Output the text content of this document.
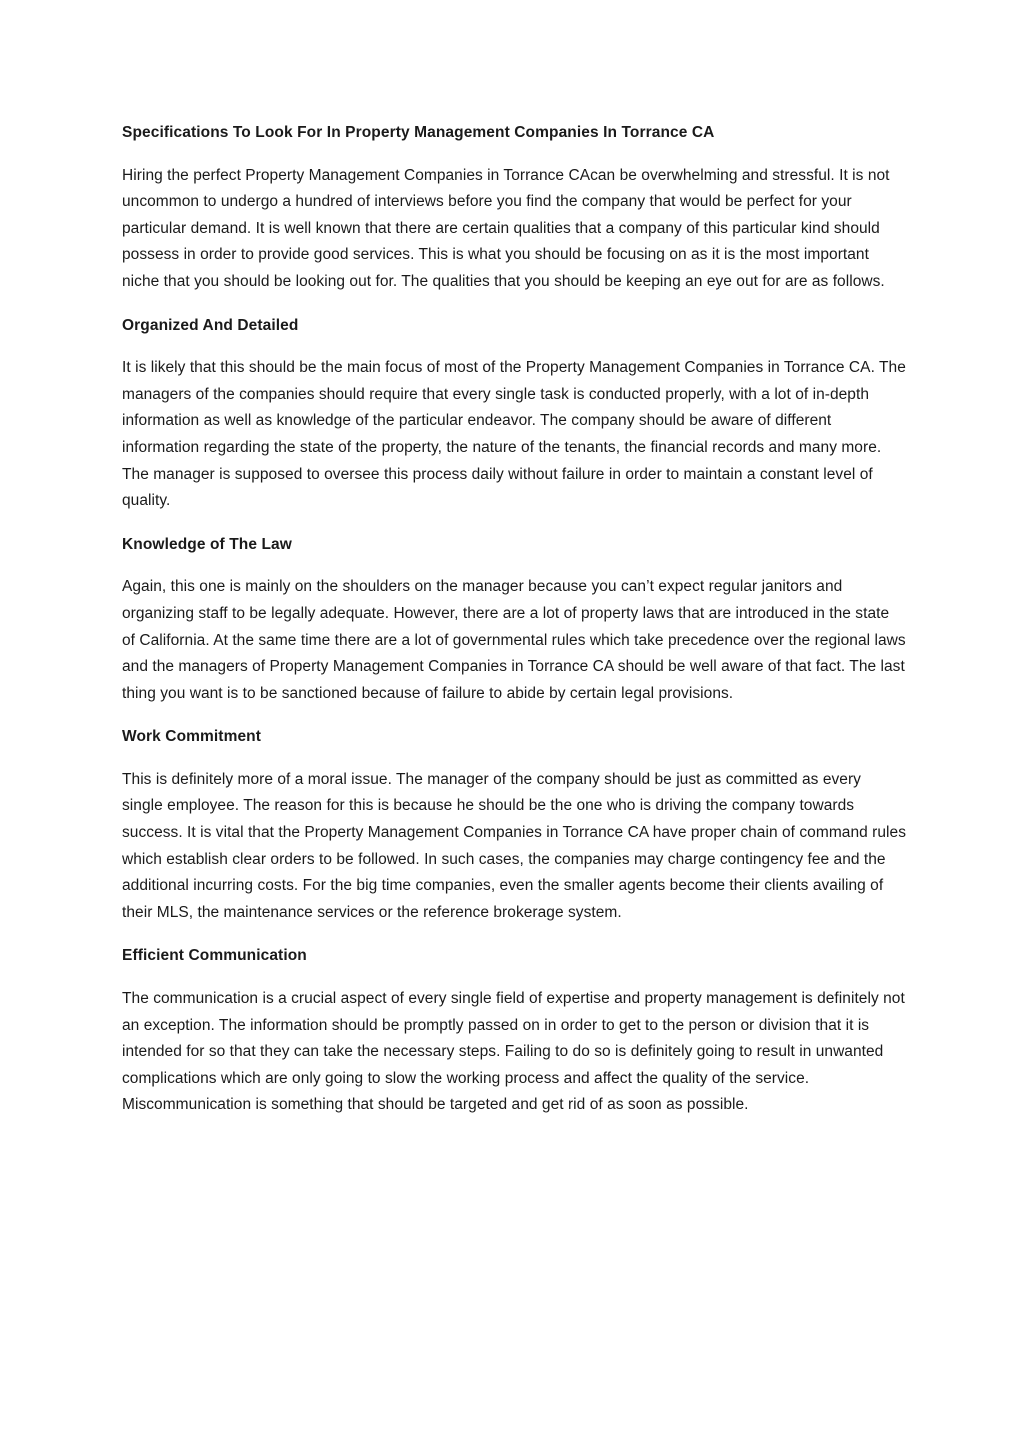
Specifications To Look For In Property Management Companies In Torrance CA

Hiring the perfect Property Management Companies in Torrance CAcan be overwhelming and stressful. It is not uncommon to undergo a hundred of interviews before you find the company that would be perfect for your particular demand. It is well known that there are certain qualities that a company of this particular kind should possess in order to provide good services. This is what you should be focusing on as it is the most important niche that you should be looking out for. The qualities that you should be keeping an eye out for are as follows.

Organized And Detailed

It is likely that this should be the main focus of most of the Property Management Companies in Torrance CA. The managers of the companies should require that every single task is conducted properly, with a lot of in-depth information as well as knowledge of the particular endeavor. The company should be aware of different information regarding the state of the property, the nature of the tenants, the financial records and many more. The manager is supposed to oversee this process daily without failure in order to maintain a constant level of quality.

Knowledge of The Law

Again, this one is mainly on the shoulders on the manager because you can’t expect regular janitors and organizing staff to be legally adequate. However, there are a lot of property laws that are introduced in the state of California. At the same time there are a lot of governmental rules which take precedence over the regional laws and the managers of Property Management Companies in Torrance CA should be well aware of that fact. The last thing you want is to be sanctioned because of failure to abide by certain legal provisions.

Work Commitment

This is definitely more of a moral issue. The manager of the company should be just as committed as every single employee. The reason for this is because he should be the one who is driving the company towards success. It is vital that the Property Management Companies in Torrance CA have proper chain of command rules which establish clear orders to be followed. In such cases, the companies may charge contingency fee and the additional incurring costs. For the big time companies, even the smaller agents become their clients availing of their MLS, the maintenance services or the reference brokerage system.

Efficient Communication

The communication is a crucial aspect of every single field of expertise and property management is definitely not an exception. The information should be promptly passed on in order to get to the person or division that it is intended for so that they can take the necessary steps. Failing to do so is definitely going to result in unwanted complications which are only going to slow the working process and affect the quality of the service. Miscommunication is something that should be targeted and get rid of as soon as possible.
